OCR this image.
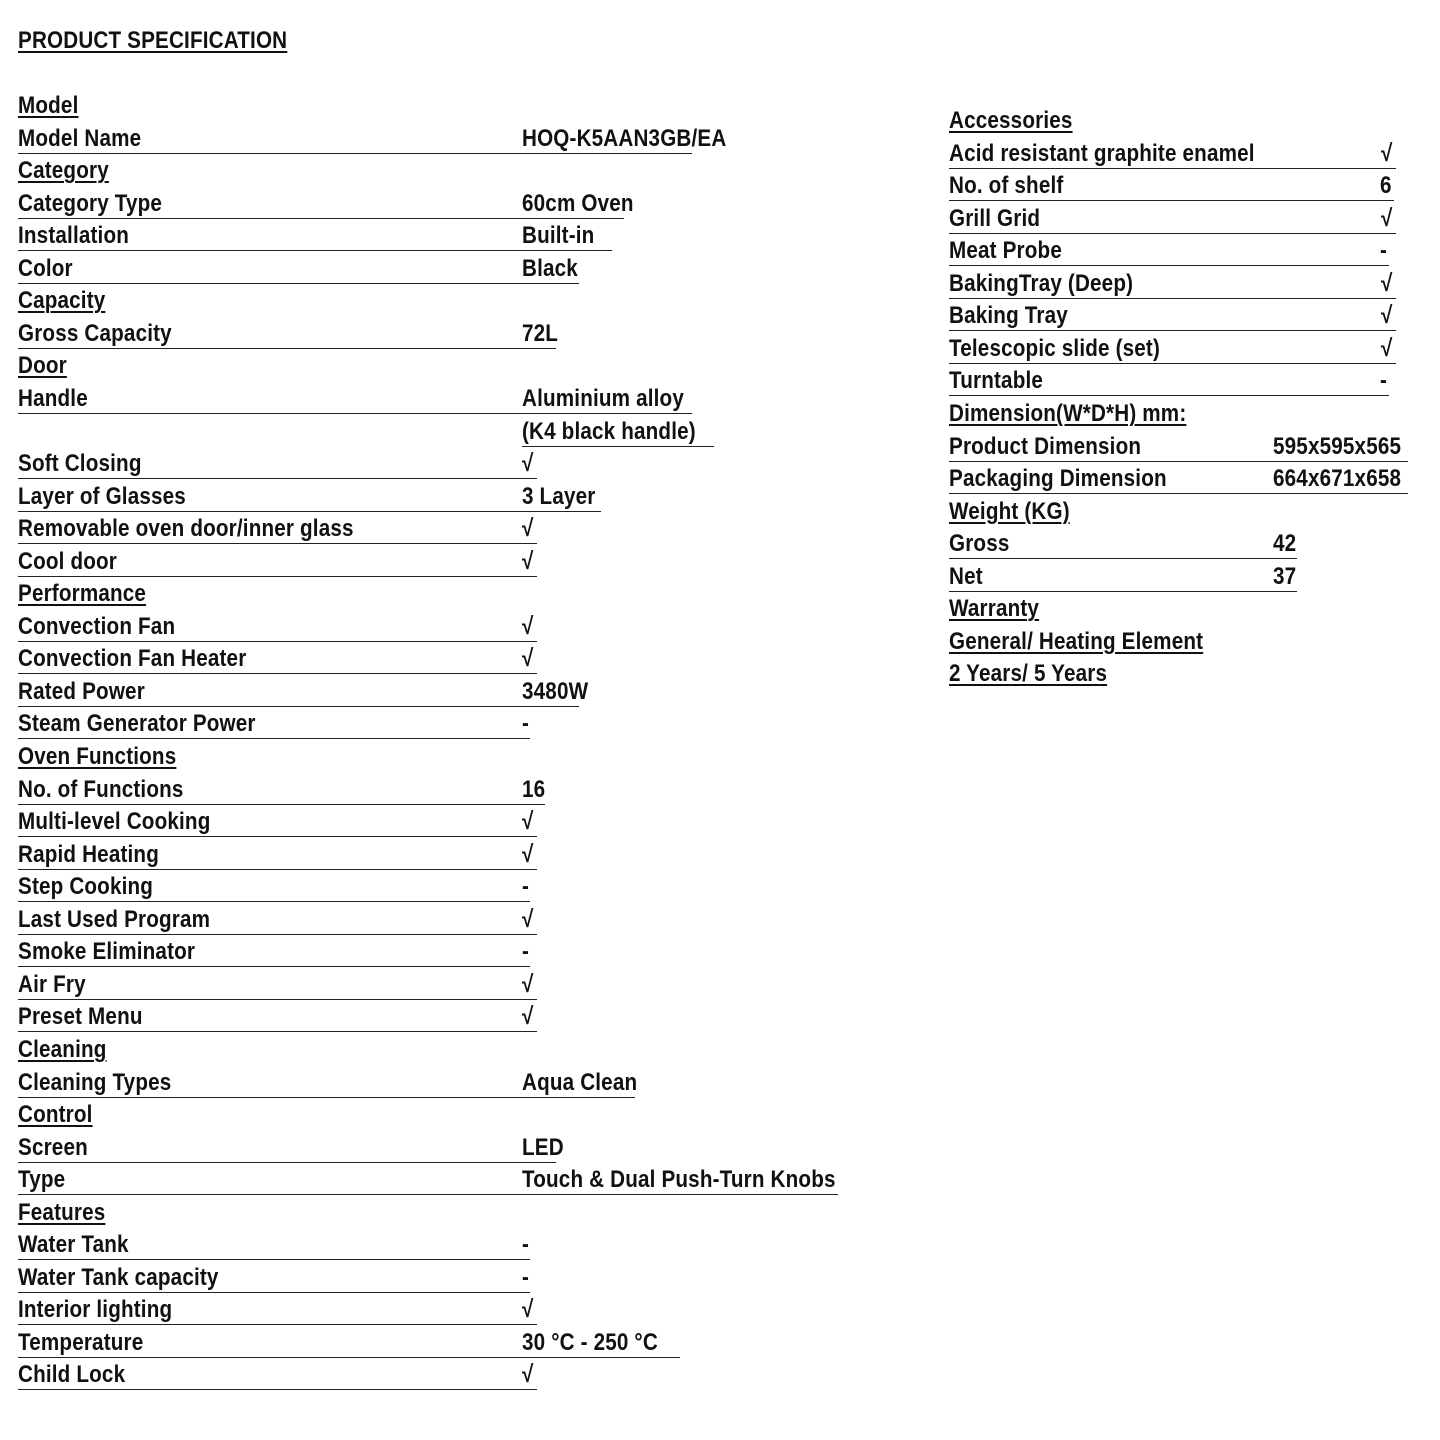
PRODUCT SPECIFICATION
Model
Model Name	HOQ-K5AAN3GB/EA
Category
Category Type	60cm Oven
Installation	Built-in
Color	Black
Capacity
Gross Capacity	72L
Door
Handle	Aluminium alloy
(K4 black handle)
Soft Closing	√
Layer of Glasses	3 Layer
Removable oven door/inner glass	√
Cool door	√
Performance
Convection Fan	√
Convection Fan Heater	√
Rated Power	3480W
Steam Generator Power	-
Oven Functions
No. of Functions	16
Multi-level Cooking	√
Rapid Heating	√
Step Cooking	-
Last Used Program	√
Smoke Eliminator	-
Air Fry	√
Preset Menu	√
Cleaning
Cleaning Types	Aqua Clean
Control
Screen	LED
Type	Touch & Dual Push-Turn Knobs
Features
Water Tank	-
Water Tank capacity	-
Interior lighting	√
Temperature	30 °C - 250 °C
Child Lock	√
Accessories
Acid resistant graphite enamel	√
No. of shelf	6
Grill Grid	√
Meat Probe	-
BakingTray (Deep)	√
Baking Tray	√
Telescopic slide (set)	√
Turntable	-
Dimension(W*D*H) mm:
Product Dimension	595x595x565
Packaging Dimension	664x671x658
Weight (KG)
Gross	42
Net	37
Warranty
General/ Heating Element
2 Years/ 5 Years
